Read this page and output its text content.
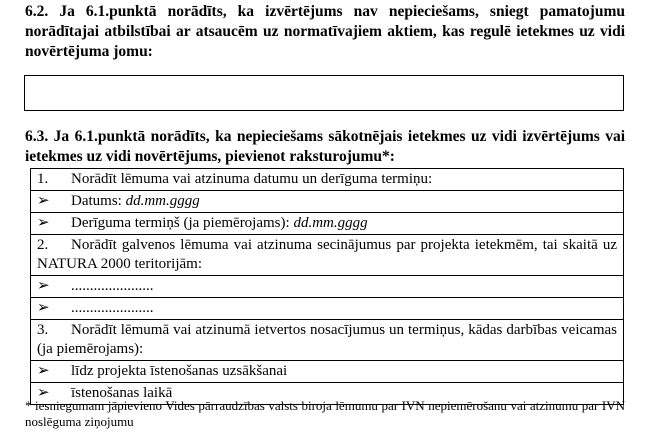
6.2. Ja 6.1.punktā norādīts, ka izvērtējums nav nepieciešams, sniegt pamatojumu norādītajai atbilstībai ar atsaucēm uz normatīvajiem aktiem, kas regulē ietekmes uz vidi novērtējuma jomu:
6.3. Ja 6.1.punktā norādīts, ka nepieciešams sākotnējais ietekmes uz vidi izvērtējums vai ietekmes uz vidi novērtējums, pievienot raksturojumu*:
1. Norādīt lēmuma vai atzinuma datumu un derīguma termiņu:
➢ Datums: dd.mm.gggg
➢ Derīguma termiņš (ja piemērojams): dd.mm.gggg
2. Norādīt galvenos lēmuma vai atzinuma secinājumus par projekta ietekmēm, tai skaitā uz NATURA 2000 teritorijām:
➢ ......................
➢ ......................
3. Norādīt lēmumā vai atzinumā ietvertos nosacījumus un termiņus, kādas darbības veicamas (ja piemērojams):
➢ līdz projekta īstenošanas uzsākšanai
➢ īstenošanas laikā
* iesniegumam jāpievieno Vides pārraudzības valsts biroja lēmumu par IVN nepiemērošanu vai atzinumu par IVN noslēguma ziņojumu
